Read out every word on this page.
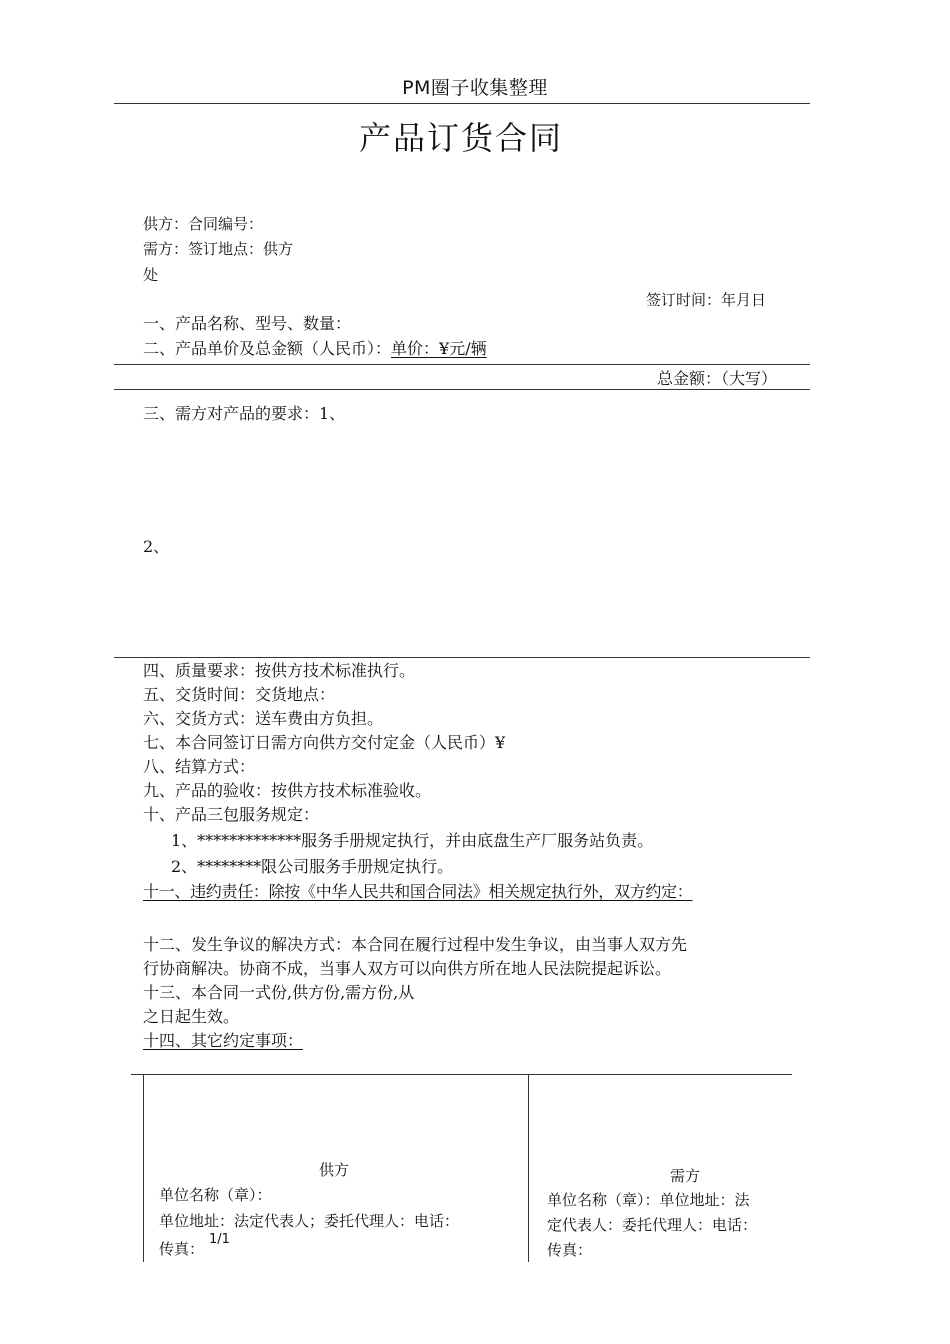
PM圈子收集整理
产品订货合同
供方：合同编号：
需方：签订地点：供方
处
签订时间：年月日
一、产品名称、型号、数量：
二、产品单价及总金额（人民币）：单价：¥元/辆
总金额：（大写）
三、需方对产品的要求：1、
2、
四、质量要求：按供方技术标准执行。
五、交货时间：交货地点：
六、交货方式：送车费由方负担。
七、本合同签订日需方向供方交付定金（人民币）¥
八、结算方式：
九、产品的验收：按供方技术标准验收。
十、产品三包服务规定：
1、*************服务手册规定执行，并由底盘生产厂服务站负责。
2、********限公司服务手册规定执行。
十一、违约责任：除按《中华人民共和国合同法》相关规定执行外，双方约定：
十二、发生争议的解决方式：本合同在履行过程中发生争议，由当事人双方先
行协商解决。协商不成，当事人双方可以向供方所在地人民法院提起诉讼。
十三、本合同一式份,供方份,需方份,从
之日起生效。
十四、其它约定事项：
供方
单位名称（章）：
单位地址：法定代表人；委托代理人：电话：
传真：
1/1
需方
单位名称（章）：单位地址：法
定代表人：委托代理人：电话：
传真：
